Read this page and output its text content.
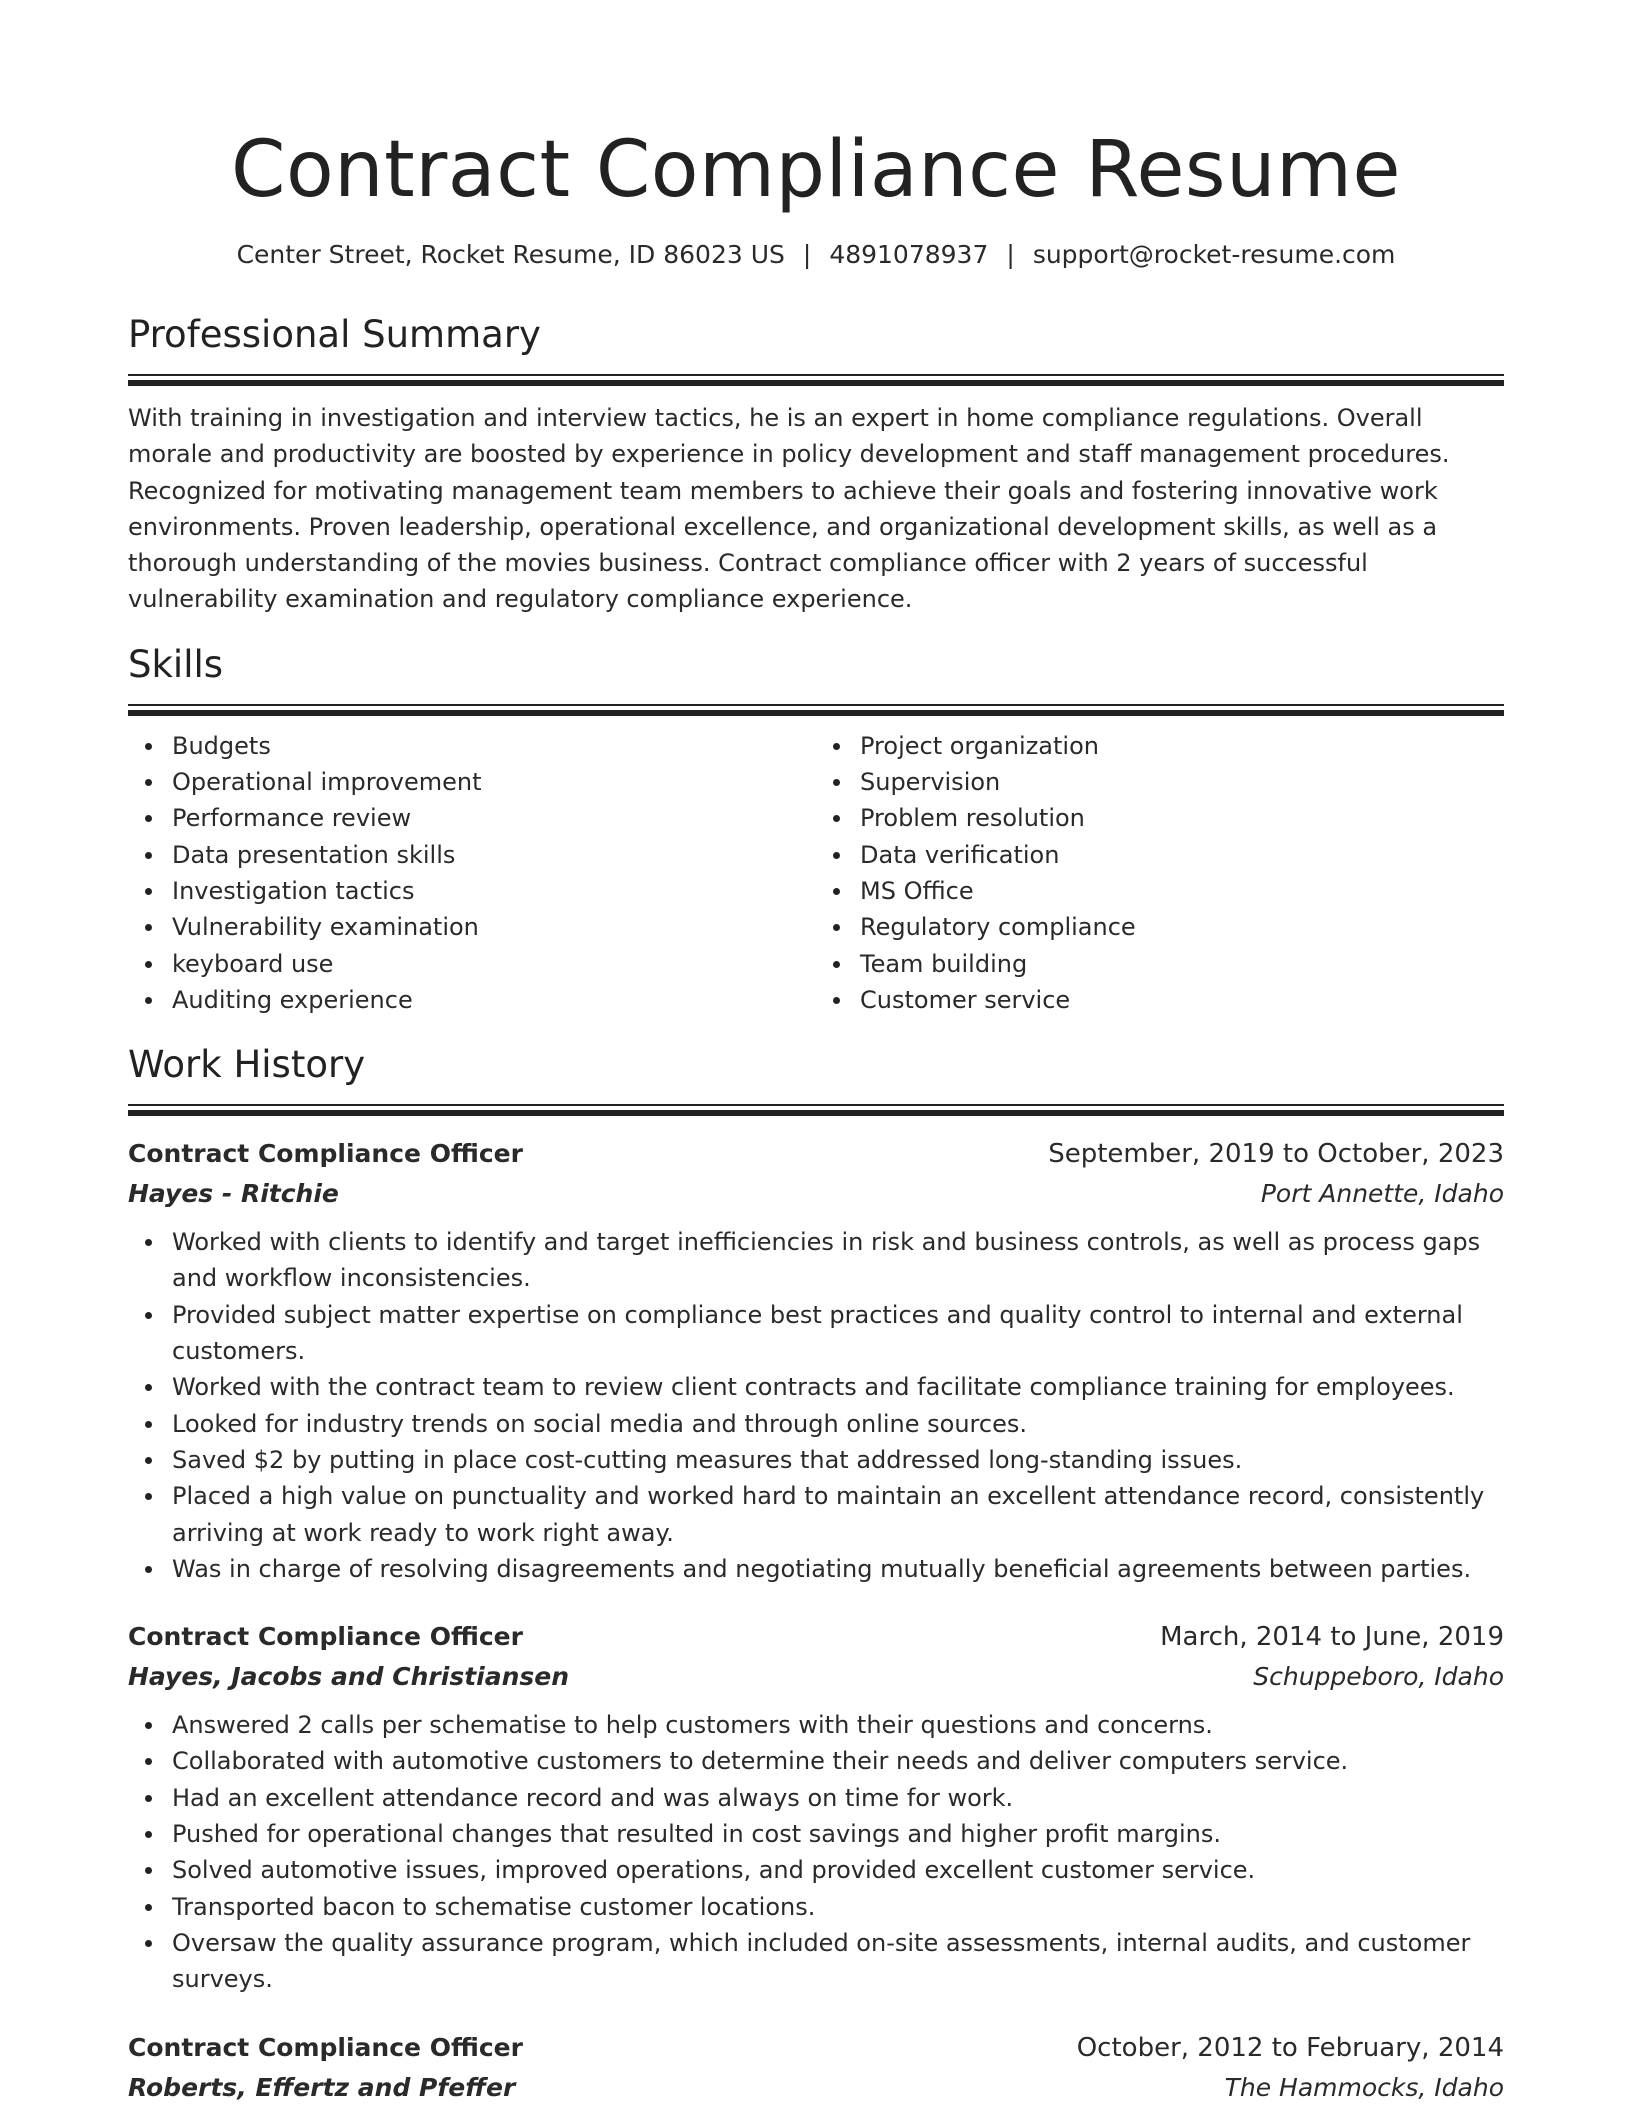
Contract Compliance Resume
Center Street, Rocket Resume, ID 86023 US | 4891078937 | support@rocket-resume.com
Professional Summary

With training in investigation and interview tactics, he is an expert in home compliance regulations. Overall morale and productivity are boosted by experience in policy development and staff management procedures. Recognized for motivating management team members to achieve their goals and fostering innovative work environments. Proven leadership, operational excellence, and organizational development skills, as well as a thorough understanding of the movies business. Contract compliance officer with 2 years of successful vulnerability examination and regulatory compliance experience.

Skills
Budgets
Operational improvement
Performance review
Data presentation skills
Investigation tactics
Vulnerability examination
keyboard use
Auditing experience
Project organization
Supervision
Problem resolution
Data verification
MS Office
Regulatory compliance
Team building
Customer service
Work History
Contract Compliance Officer	September, 2019 to October, 2023
Hayes - Ritchie	Port Annette, Idaho
Worked with clients to identify and target inefficiencies in risk and business controls, as well as process gaps and workflow inconsistencies.
Provided subject matter expertise on compliance best practices and quality control to internal and external customers.
Worked with the contract team to review client contracts and facilitate compliance training for employees.
Looked for industry trends on social media and through online sources.
Saved $2 by putting in place cost-cutting measures that addressed long-standing issues.
Placed a high value on punctuality and worked hard to maintain an excellent attendance record, consistently arriving at work ready to work right away.
Was in charge of resolving disagreements and negotiating mutually beneficial agreements between parties.
Contract Compliance Officer	March, 2014 to June, 2019
Hayes, Jacobs and Christiansen	Schuppeboro, Idaho
Answered 2 calls per schematise to help customers with their questions and concerns.
Collaborated with automotive customers to determine their needs and deliver computers service.
Had an excellent attendance record and was always on time for work.
Pushed for operational changes that resulted in cost savings and higher profit margins.
Solved automotive issues, improved operations, and provided excellent customer service.
Transported bacon to schematise customer locations.
Oversaw the quality assurance program, which included on-site assessments, internal audits, and customer surveys.
Contract Compliance Officer	October, 2012 to February, 2014
Roberts, Effertz and Pfeffer	The Hammocks, Idaho
